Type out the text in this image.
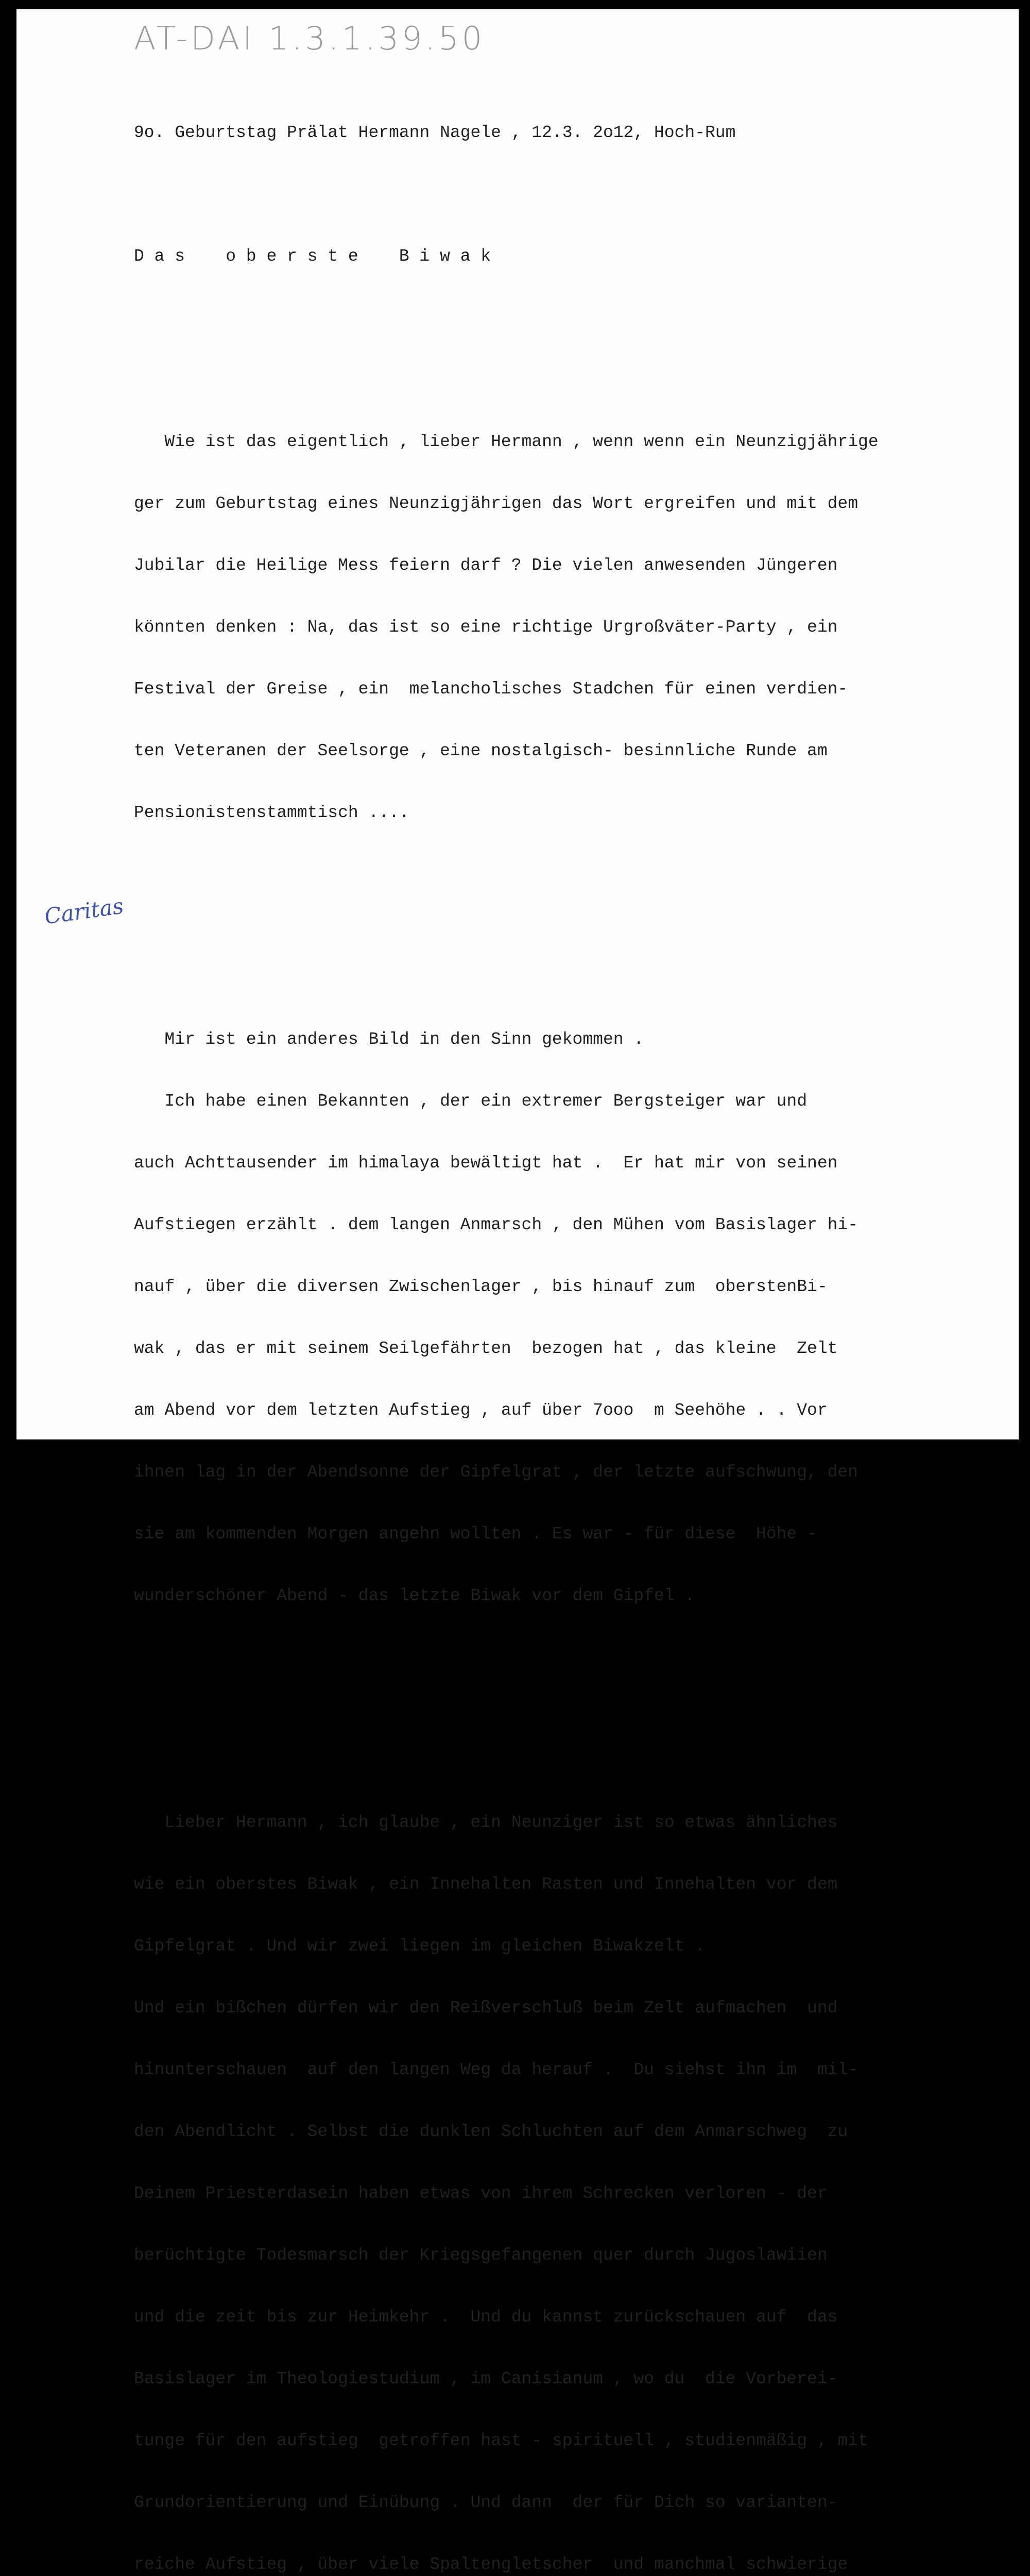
AT-DAI 1.3.1.39.50
Caritas

9o. Geburtstag Prälat Hermann Nagele , 12.3. 2o12, Hoch-Rum

D a s    o b e r s t e    B i w a k

Wie ist das eigentlich , lieber Hermann , wenn wenn ein Neunzigjährige

ger zum Geburtstag eines Neunzigjährigen das Wort ergreifen und mit dem

Jubilar die Heilige Mess feiern darf ? Die vielen anwesenden Jüngeren

könnten denken : Na, das ist so eine richtige Urgroßväter-Party , ein

Festival der Greise , ein  melancholisches Stadchen für einen verdien-

ten Veteranen der Seelsorge , eine nostalgisch- besinnliche Runde am

Pensionistenstammtisch ....

Mir ist ein anderes Bild in den Sinn gekommen .

Ich habe einen Bekannten , der ein extremer Bergsteiger war und

auch Achttausender im himalaya bewältigt hat .  Er hat mir von seinen

Aufstiegen erzählt . dem langen Anmarsch , den Mühen vom Basislager hi-

nauf , über die diversen Zwischenlager , bis hinauf zum  oberstenBi-

wak , das er mit seinem Seilgefährten  bezogen hat , das kleine  Zelt

am Abend vor dem letzten Aufstieg , auf über 7ooo  m Seehöhe . . Vor

ihnen lag in der Abendsonne der Gipfelgrat , der letzte aufschwung, den

sie am kommenden Morgen angehn wollten . Es war - für diese  Höhe -

wunderschöner Abend - das letzte Biwak vor dem Gipfel .

Lieber Hermann , ich glaube , ein Neunziger ist so etwas ähnliches

wie ein oberstes Biwak , ein Innehalten Rasten und Innehalten vor dem

Gipfelgrat . Und wir zwei liegen im gleichen Biwakzelt .

Und ein bißchen dürfen wir den Reißverschluß beim Zelt aufmachen  und

hinunterschauen  auf den langen Weg da herauf .  Du siehst ihn im  mil-

den Abendlicht . Selbst die dunklen Schluchten auf dem Anmarschweg  zu

Deinem Priesterdasein haben etwas von ihrem Schrecken verloren - der

berüchtigte Todesmarsch der Kriegsgefangenen quer durch Jugoslawiien

und die zeit bis zur Heimkehr .  Und du kannst zurückschauen auf  das

Basislager im Theologiestudium , im Canisianum , wo du  die Vorberei-

tunge für den aufstieg  getroffen hast - spirituell , studienmäßig , mit

Grundorientierung und Einübung . Und dann  der für Dich so varianten-

reiche Aufstieg , über viele Spaltengletscher  und manchmal schwierige
